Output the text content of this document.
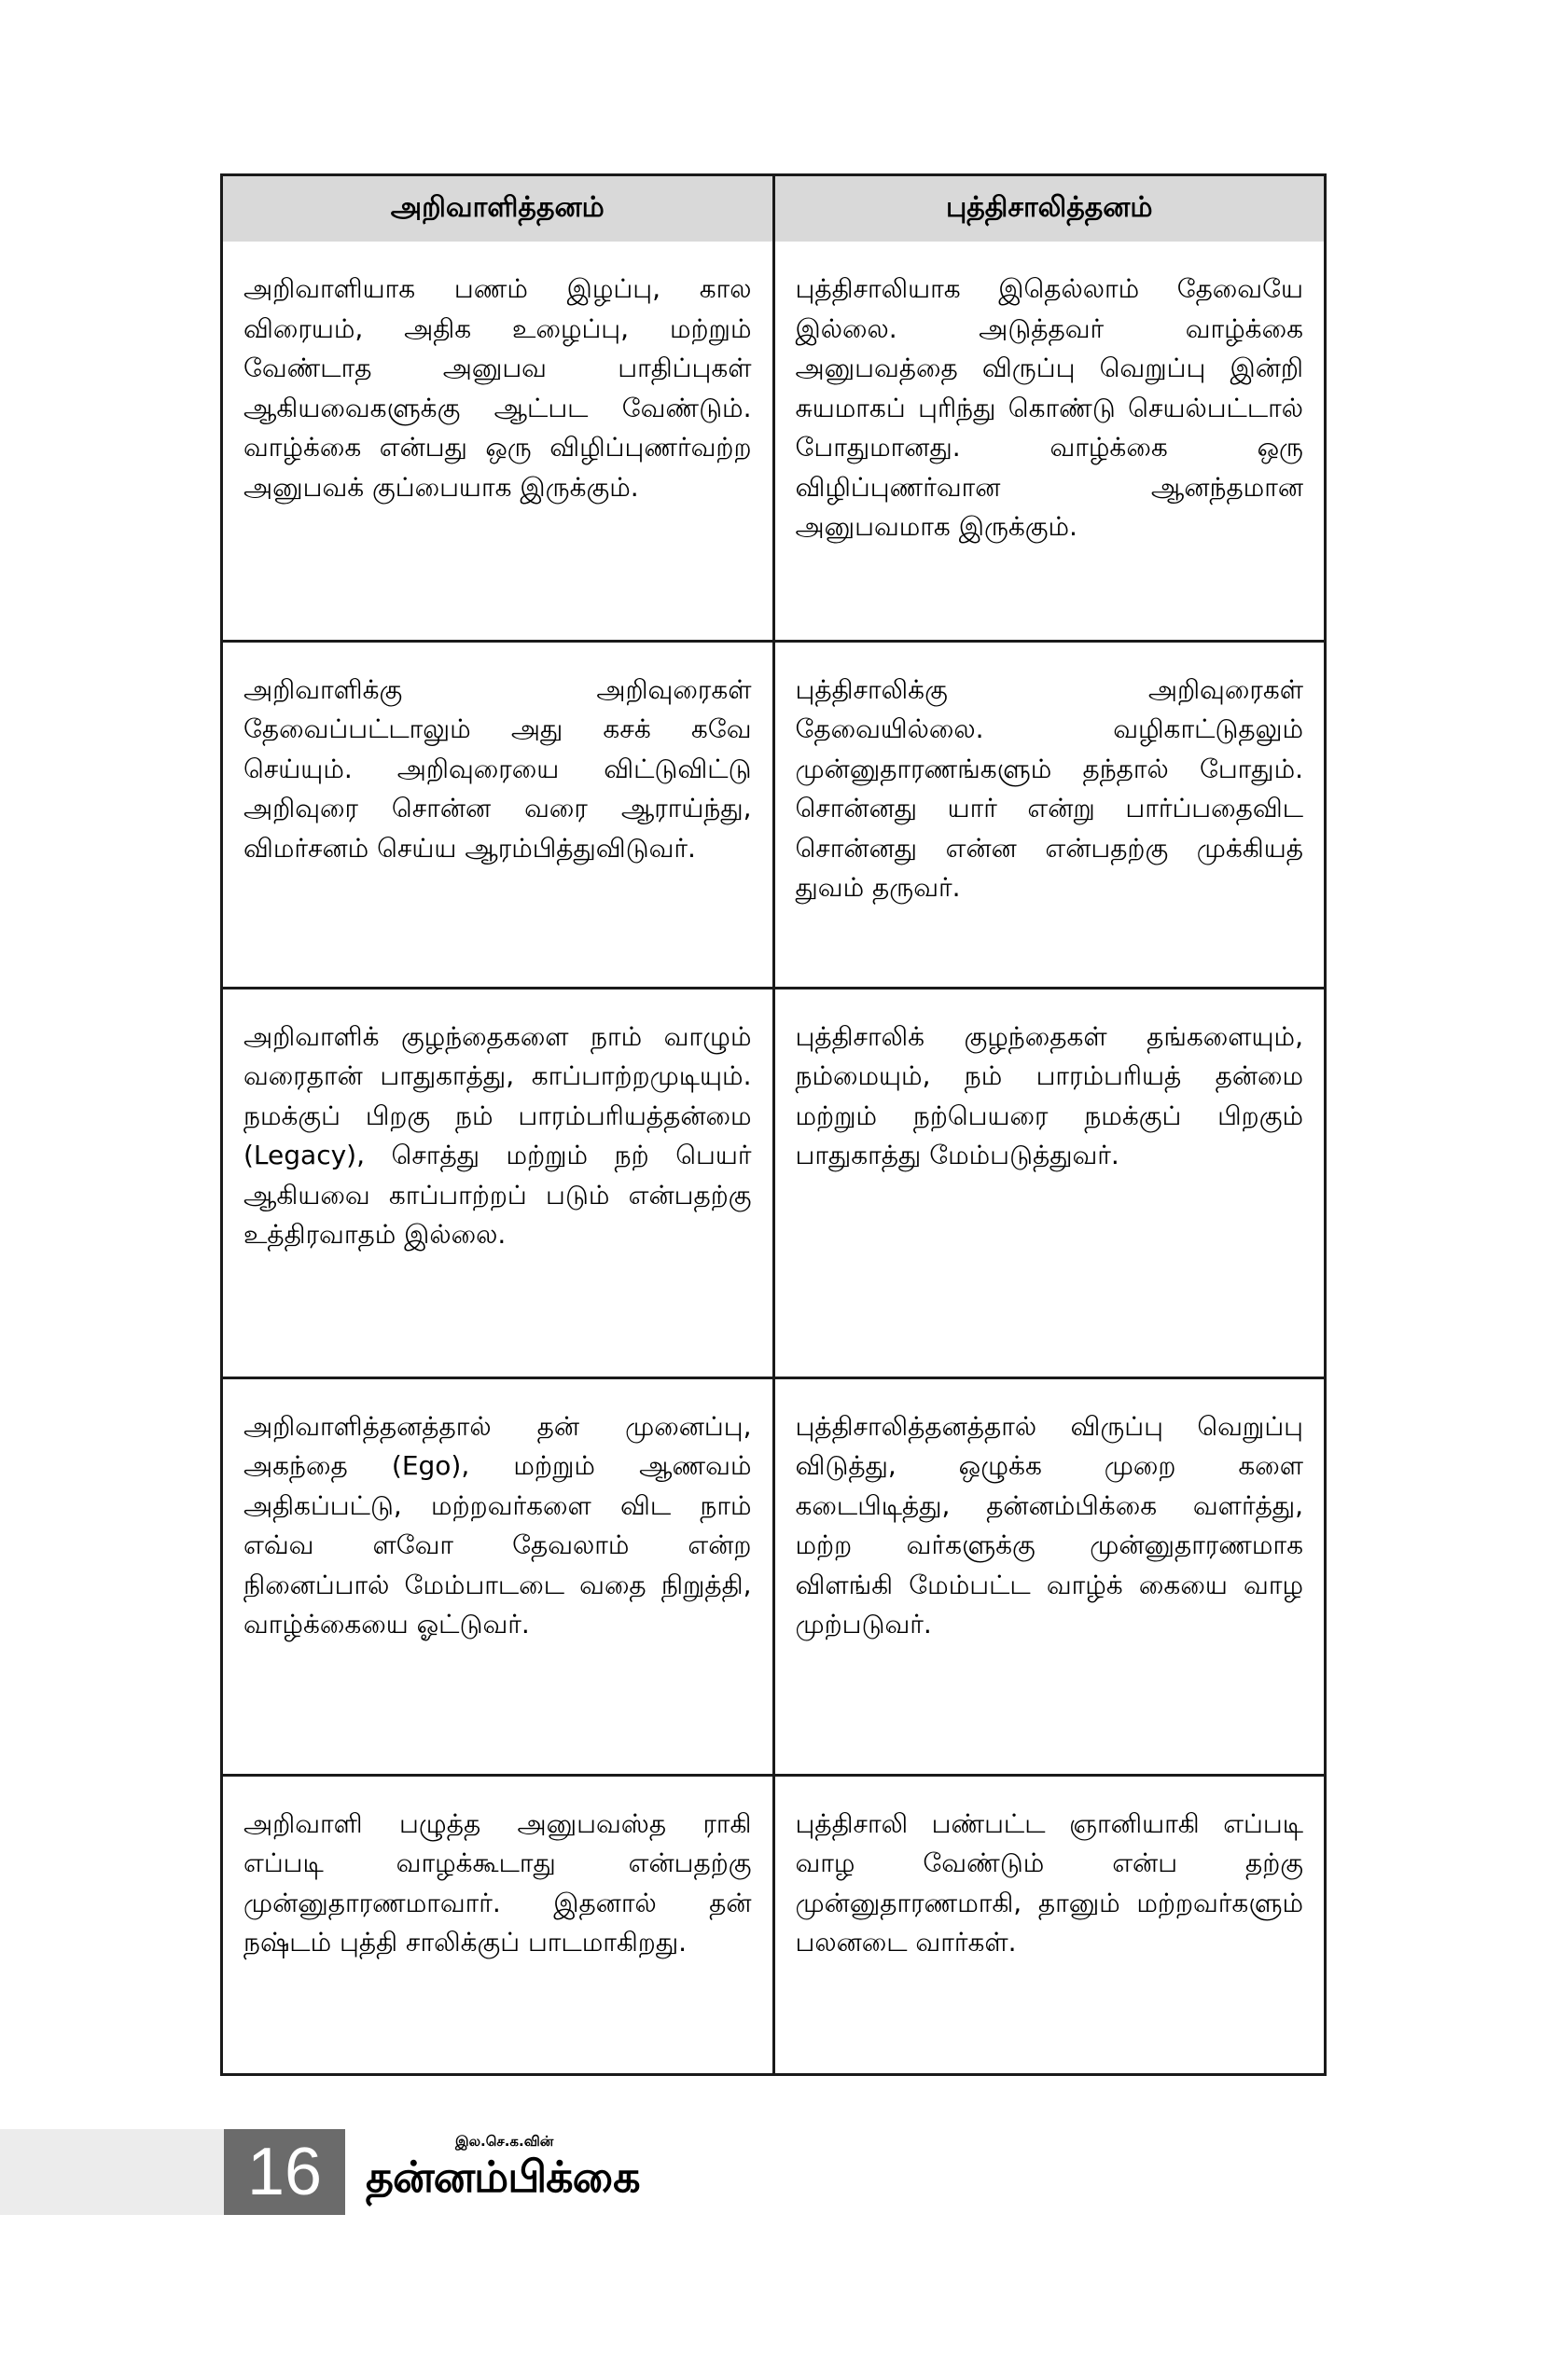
அறிவாளித்தனம்	புத்திசாலித்தனம்
அறிவாளியாக பணம் இழப்பு, கால விரையம், அதிக உழைப்பு, மற்றும் வேண்டாத அனுபவ பாதிப்புகள் ஆகியவைகளுக்கு ஆட்பட வேண்டும். வாழ்க்கை என்பது ஒரு விழிப்புணர்வற்ற அனுபவக் குப்பையாக இருக்கும்.	புத்திசாலியாக இதெல்லாம் தேவையே இல்லை. அடுத்தவர் வாழ்க்கை அனுபவத்தை விருப்பு வெறுப்பு இன்றி சுயமாகப் புரிந்து கொண்டு செயல்பட்டால் போதுமானது. வாழ்க்கை ஒரு விழிப்புணர்வான ஆனந்தமான அனுபவமாக இருக்கும்.
அறிவாளிக்கு அறிவுரைகள் தேவைப்பட்டாலும் அது கசக் கவே செய்யும். அறிவுரையை விட்டுவிட்டு அறிவுரை சொன்ன வரை ஆராய்ந்து, விமர்சனம் செய்ய ஆரம்பித்துவிடுவர்.	புத்திசாலிக்கு அறிவுரைகள் தேவையில்லை. வழிகாட்டுதலும் முன்னுதாரணங்களும் தந்தால் போதும். சொன்னது யார் என்று பார்ப்பதைவிட சொன்னது என்ன என்பதற்கு முக்கியத் துவம் தருவர்.
அறிவாளிக் குழந்தைகளை நாம் வாழும் வரைதான் பாதுகாத்து, காப்பாற்றமுடியும். நமக்குப் பிறகு நம் பாரம்பரியத்தன்மை (Legacy), சொத்து மற்றும் நற் பெயர் ஆகியவை காப்பாற்றப் படும் என்பதற்கு உத்திரவாதம் இல்லை.	புத்திசாலிக் குழந்தைகள் தங்களையும், நம்மையும், நம் பாரம்பரியத் தன்மை மற்றும் நற்பெயரை நமக்குப் பிறகும் பாதுகாத்து மேம்படுத்துவர்.
அறிவாளித்தனத்தால் தன் முனைப்பு, அகந்தை (Ego), மற்றும் ஆணவம் அதிகப்பட்டு, மற்றவர்களை விட நாம் எவ்வ ளவோ தேவலாம் என்ற நினைப்பால் மேம்பாடடை வதை நிறுத்தி, வாழ்க்கையை ஓட்டுவர்.	புத்திசாலித்தனத்தால் விருப்பு வெறுப்பு விடுத்து, ஒழுக்க முறை களை கடைபிடித்து, தன்னம்பிக்கை வளர்த்து, மற்ற வர்களுக்கு முன்னுதாரணமாக விளங்கி மேம்பட்ட வாழ்க் கையை வாழ முற்படுவர்.
அறிவாளி பழுத்த அனுபவஸ்த ராகி எப்படி வாழக்கூடாது என்பதற்கு முன்னுதாரணமாவார். இதனால் தன் நஷ்டம் புத்தி சாலிக்குப் பாடமாகிறது.	புத்திசாலி பண்பட்ட ஞானியாகி எப்படி வாழ வேண்டும் என்ப தற்கு முன்னுதாரணமாகி, தானும் மற்றவர்களும் பலனடை வார்கள்.
16	இல.செ.க.வின்
தன்னம்பிக்கை
